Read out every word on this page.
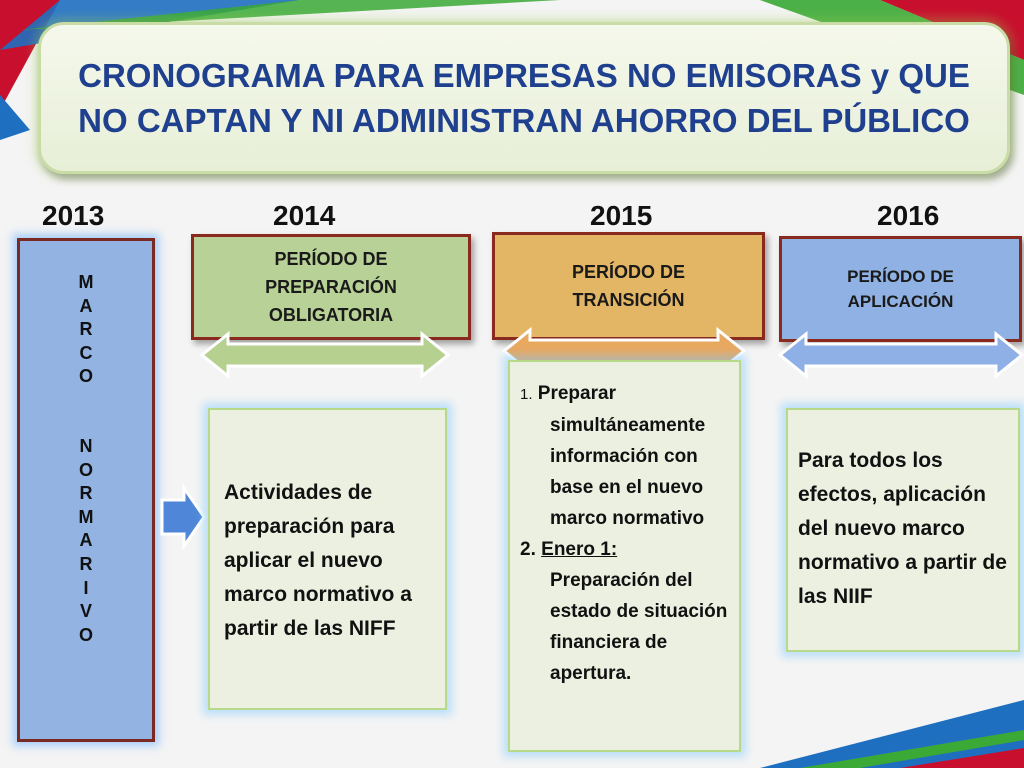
CRONOGRAMA PARA EMPRESAS NO EMISORAS y QUE
NO CAPTAN Y NI ADMINISTRAN AHORRO DEL PÚBLICO
2013	2014	2015	2016
M
A
R
C
O
N
O
R
M
A
R
I
V
O
PERÍODO DE PREPARACIÓN OBLIGATORIA
PERÍODO DE TRANSICIÓN
PERÍODO DE APLICACIÓN
Actividades de preparación para aplicar el nuevo marco normativo a partir de las NIFF
1. Preparar simultáneamente información con base en el nuevo marco normativo
2. Enero 1: Preparación del estado de situación financiera de apertura.
Para todos los efectos, aplicación del nuevo marco normativo a partir de las NIIF
